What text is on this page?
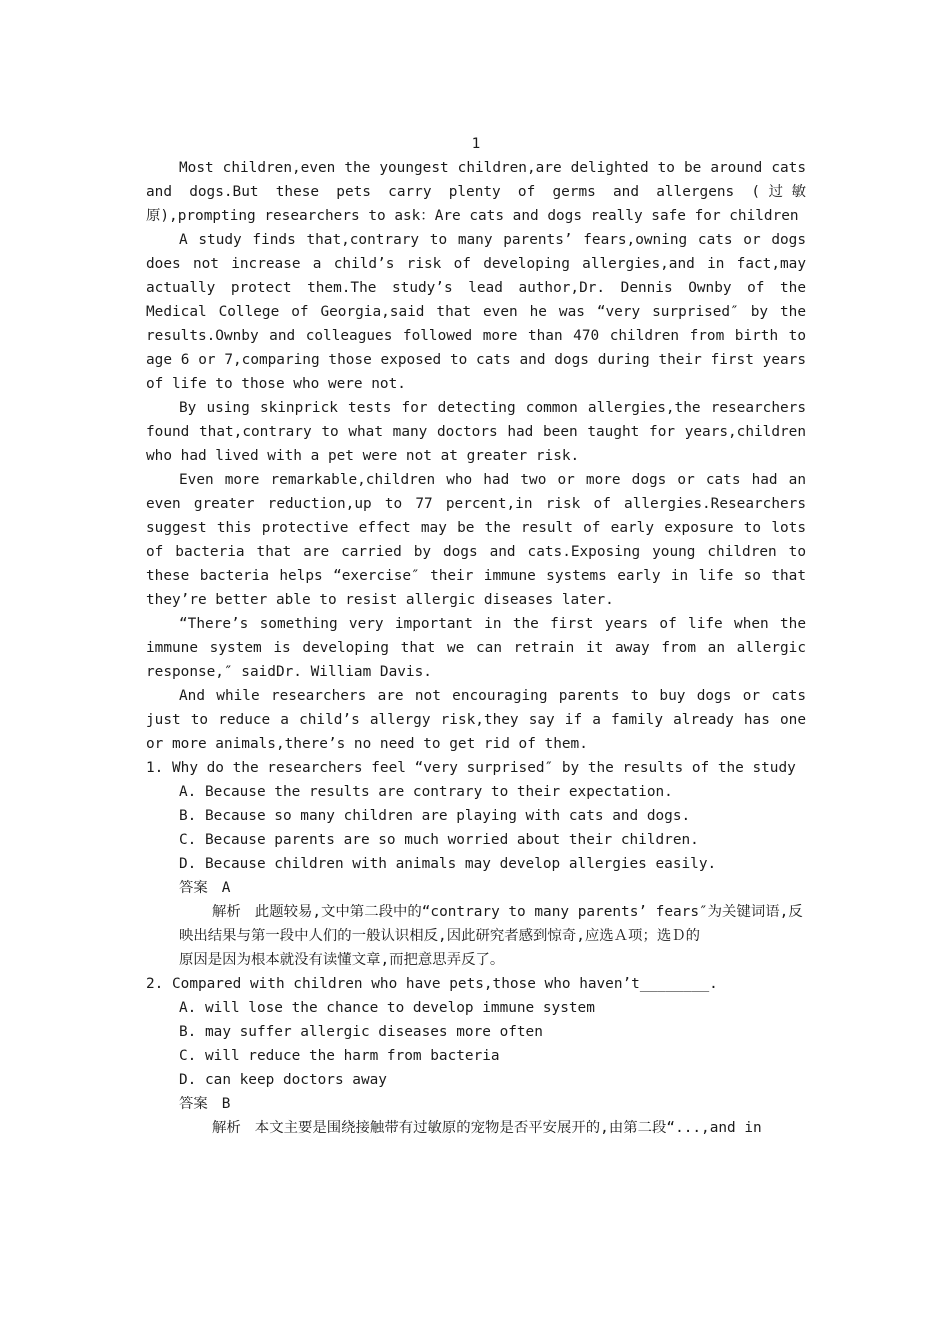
1

Most children,even the youngest children,are delighted to be around cats and dogs.But these pets carry plenty of germs and allergens (过敏原),prompting researchers to ask：Are cats and dogs really safe for children

A study finds that,contrary to many parents’ fears,owning cats or dogs does not increase a child’s risk of developing allergies,and in fact,may actually protect them.The study’s lead author,Dr. Dennis Ownby of the Medical College of Georgia,said that even he was “very surprised″ by the results.Ownby and colleagues followed more than 470 children from birth to age 6 or 7,comparing those exposed to cats and dogs during their first years of life to those who were not.

By using skinprick tests for detecting common allergies,the researchers found that,contrary to what many doctors had been taught for years,children who had lived with a pet were not at greater risk.

Even more remarkable,children who had two or more dogs or cats had an even greater reduction,up to 77 percent,in risk of allergies.Researchers suggest this protective effect may be the result of early exposure to lots of bacteria that are carried by dogs and cats.Exposing young children to these bacteria helps “exercise″ their immune systems early in life so that they’re better able to resist allergic diseases later.

“There’s something very important in the first years of life when the immune system is developing that we can retrain it away from an allergic response,″ saidDr. William Davis.

And while researchers are not encouraging parents to buy dogs or cats just to reduce a child’s allergy risk,they say if a family already has one or more animals,there’s no need to get rid of them.

1. Why do the researchers feel “very surprised″ by the results of the study

A. Because the results are contrary to their expectation.

B. Because so many children are playing with cats and dogs.

C. Because parents are so much worried about their children.

D. Because children with animals may develop allergies easily.

答案 A

解析 此题较易,文中第二段中的“contrary to many parents’ fears″为关键词语,反

映出结果与第一段中人们的一般认识相反,因此研究者感到惊奇,应选Ａ项；选Ｄ的

原因是因为根本就没有读懂文章,而把意思弄反了。

2. Compared with children who have pets,those who haven’t________.

A. will lose the chance to develop immune system

B. may suffer allergic diseases more often

C. will reduce the harm from bacteria

D. can keep doctors away

答案 B

解析 本文主要是围绕接触带有过敏原的宠物是否平安展开的,由第二段“...,and in
